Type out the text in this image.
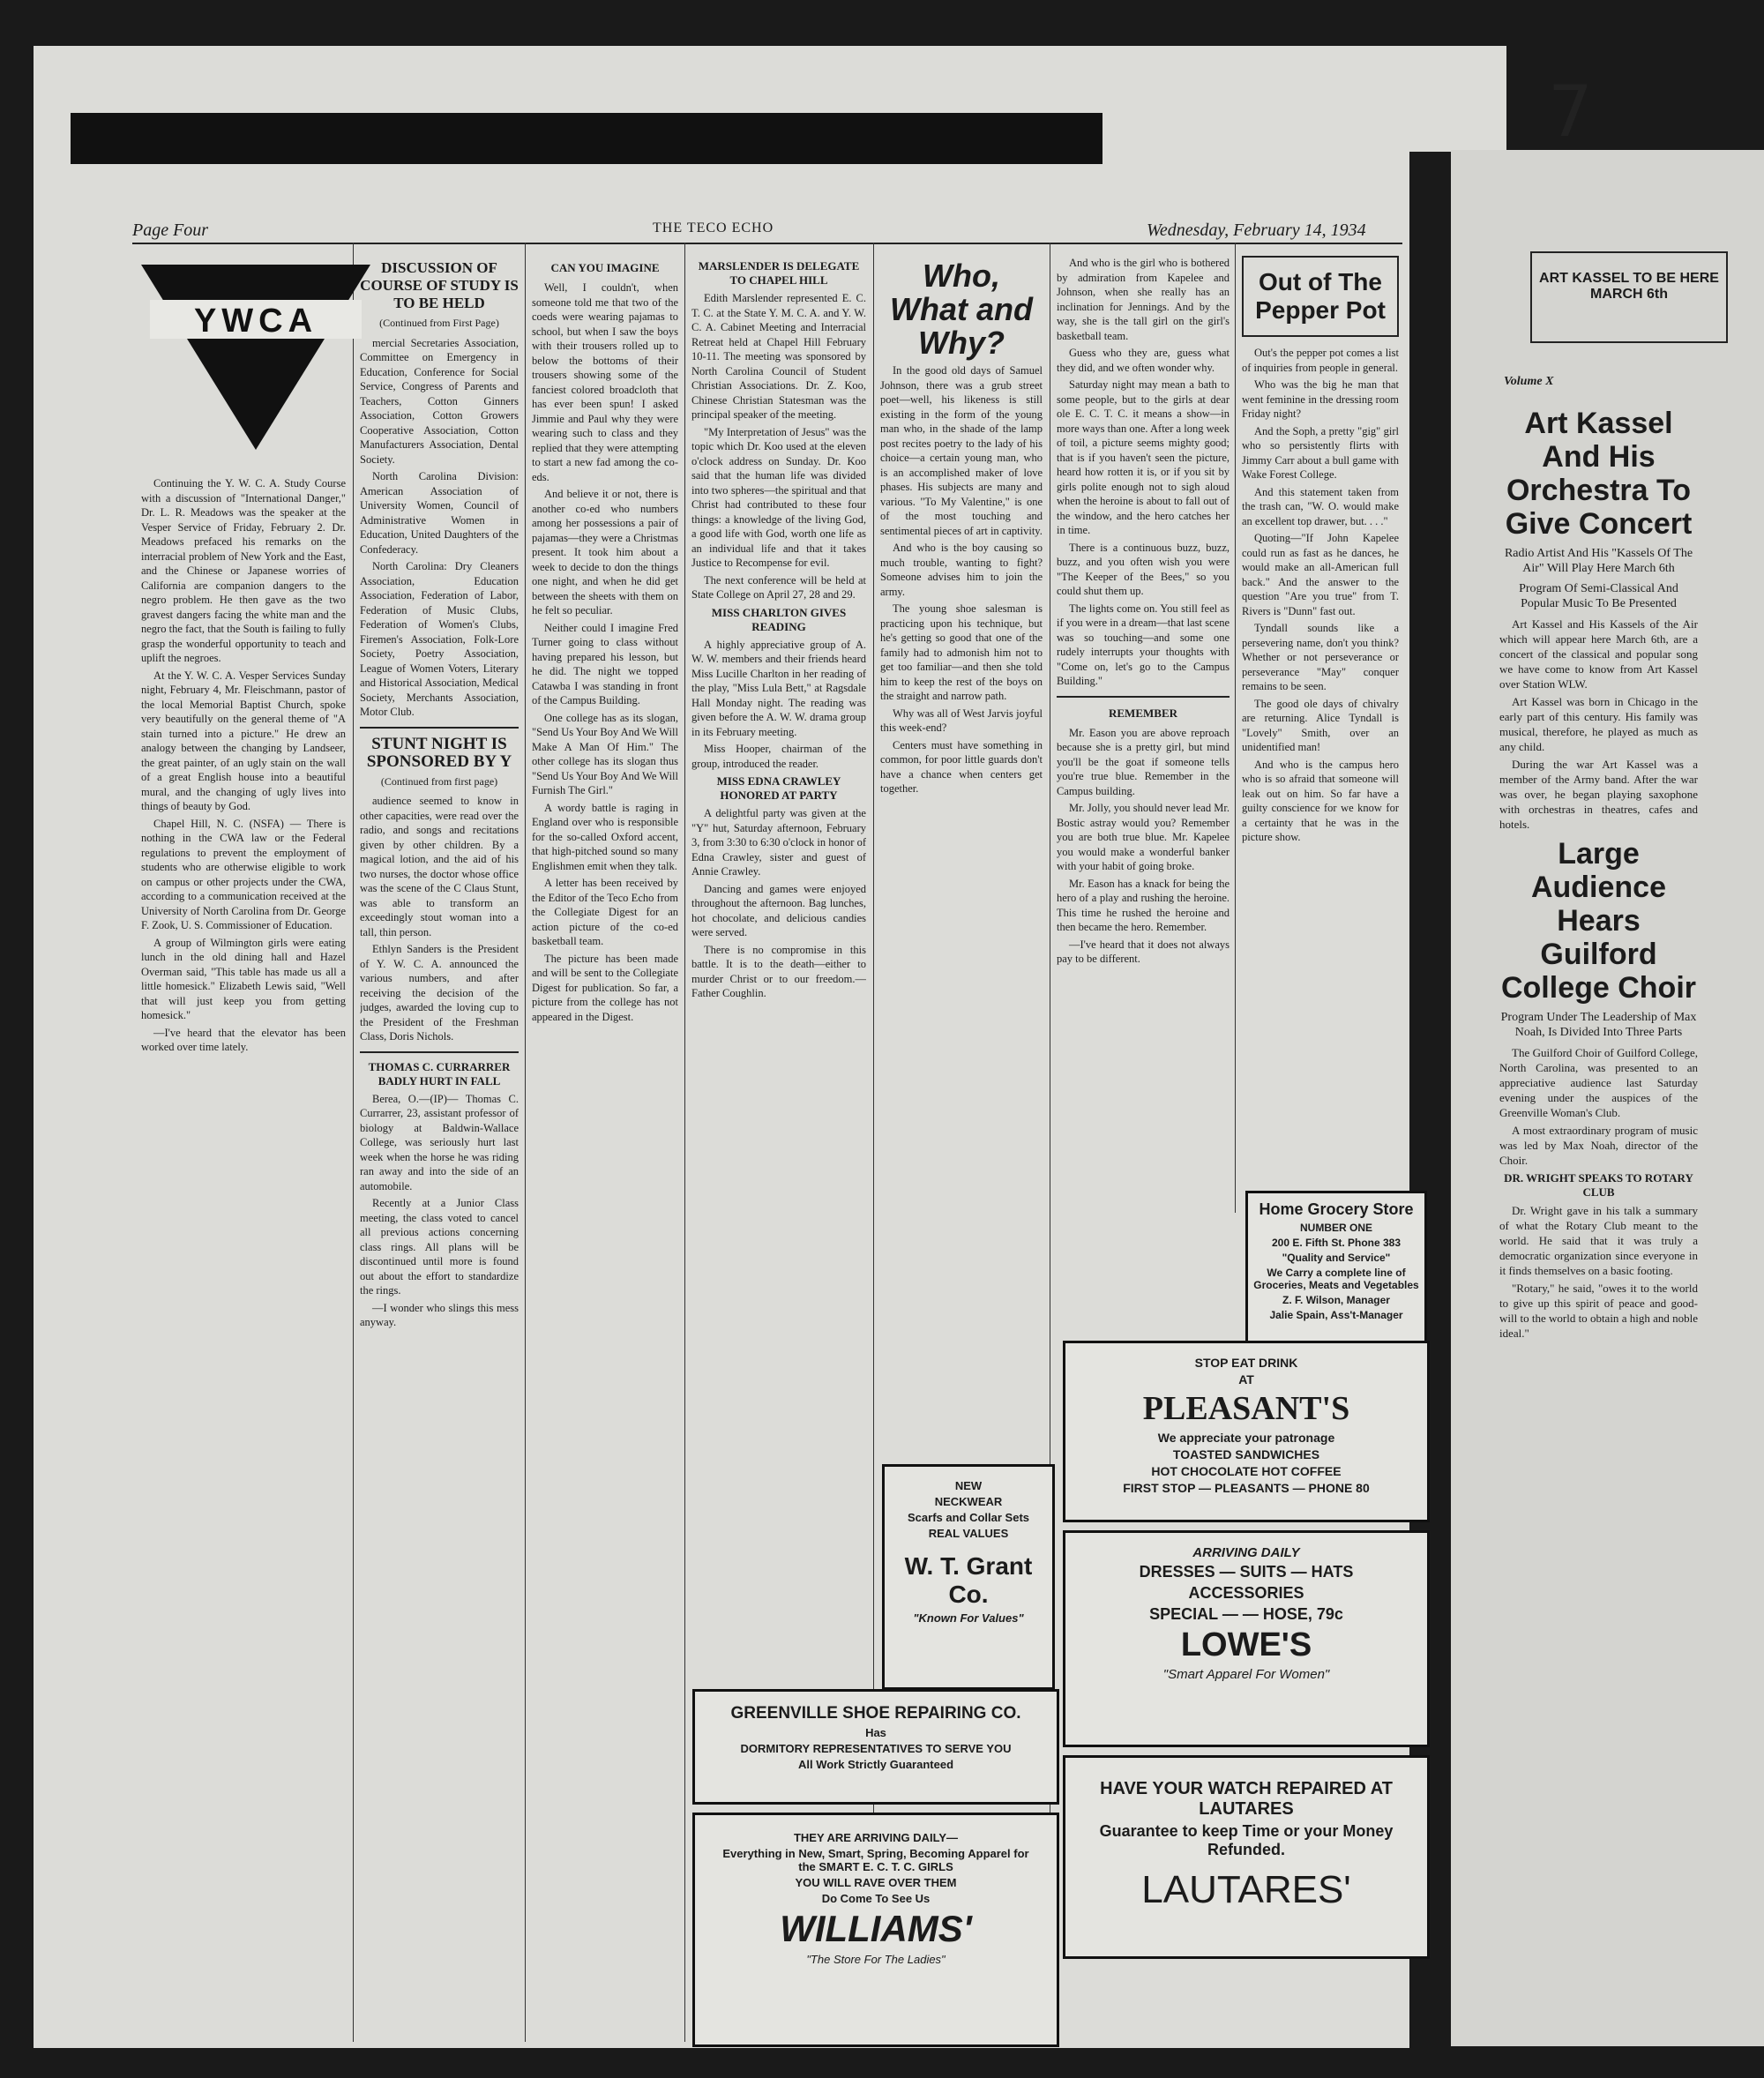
7
Page Four	THE TECO ECHO	Wednesday, February 14, 1934
YWCA

Continuing the Y. W. C. A. Study Course with a discussion of "International Danger," Dr. L. R. Meadows was the speaker at the Vesper Service of Friday, February 2. Dr. Meadows prefaced his remarks on the interracial problem of New York and the East, and the Chinese or Japanese worries of California are companion dangers to the negro problem. He then gave as the two gravest dangers facing the white man and the negro the fact, that the South is failing to fully grasp the wonderful opportunity to teach and uplift the negroes.

At the Y. W. C. A. Vesper Services Sunday night, February 4, Mr. Fleischmann, pastor of the local Memorial Baptist Church, spoke very beautifully on the general theme of "A stain turned into a picture." He drew an analogy between the changing by Landseer, the great painter, of an ugly stain on the wall of a great English house into a beautiful mural, and the changing of ugly lives into things of beauty by God.

Chapel Hill, N. C. (NSFA) — There is nothing in the CWA law or the Federal regulations to prevent the employment of students who are otherwise eligible to work on campus or other projects under the CWA, according to a communication received at the University of North Carolina from Dr. George F. Zook, U. S. Commissioner of Education.

A group of Wilmington girls were eating lunch in the old dining hall and Hazel Overman said, "This table has made us all a little homesick." Elizabeth Lewis said, "Well that will just keep you from getting homesick."

—I've heard that the elevator has been worked over time lately.

DISCUSSION OF COURSE OF STUDY IS TO BE HELD
(Continued from First Page)

mercial Secretaries Association, Committee on Emergency in Education, Conference for Social Service, Congress of Parents and Teachers, Cotton Ginners Association, Cotton Growers Cooperative Association, Cotton Manufacturers Association, Dental Society.

North Carolina Division: American Association of University Women, Council of Administrative Women in Education, United Daughters of the Confederacy.

North Carolina: Dry Cleaners Association, Education Association, Federation of Labor, Federation of Music Clubs, Federation of Women's Clubs, Firemen's Association, Folk-Lore Society, Poetry Association, League of Women Voters, Literary and Historical Association, Medical Society, Merchants Association, Motor Club.

STUNT NIGHT IS SPONSORED BY Y
(Continued from first page)

audience seemed to know in other capacities, were read over the radio, and songs and recitations given by other children. By a magical lotion, and the aid of his two nurses, the doctor whose office was the scene of the C Claus Stunt, was able to transform an exceedingly stout woman into a tall, thin person.

Ethlyn Sanders is the President of Y. W. C. A. announced the various numbers, and after receiving the decision of the judges, awarded the loving cup to the President of the Freshman Class, Doris Nichols.

THOMAS C. CURRARRER BADLY HURT IN FALL

Berea, O.—(IP)— Thomas C. Currarrer, 23, assistant professor of biology at Baldwin-Wallace College, was seriously hurt last week when the horse he was riding ran away and into the side of an automobile.

Recently at a Junior Class meeting, the class voted to cancel all previous actions concerning class rings. All plans will be discontinued until more is found out about the effort to standardize the rings.

—I wonder who slings this mess anyway.

CAN YOU IMAGINE

Well, I couldn't, when someone told me that two of the coeds were wearing pajamas to school, but when I saw the boys with their trousers rolled up to below the bottoms of their trousers showing some of the fanciest colored broadcloth that has ever been spun! I asked Jimmie and Paul why they were wearing such to class and they replied that they were attempting to start a new fad among the co-eds.

And believe it or not, there is another co-ed who numbers among her possessions a pair of pajamas—they were a Christmas present. It took him about a week to decide to don the things one night, and when he did get between the sheets with them on he felt so peculiar.

Neither could I imagine Fred Turner going to class without having prepared his lesson, but he did. The night we topped Catawba I was standing in front of the Campus Building.

One college has as its slogan, "Send Us Your Boy And We Will Make A Man Of Him." The other college has its slogan thus "Send Us Your Boy And We Will Furnish The Girl."

A wordy battle is raging in England over who is responsible for the so-called Oxford accent, that high-pitched sound so many Englishmen emit when they talk.

A letter has been received by the Editor of the Teco Echo from the Collegiate Digest for an action picture of the co-ed basketball team.

The picture has been made and will be sent to the Collegiate Digest for publication. So far, a picture from the college has not appeared in the Digest.

MARSLENDER IS DELEGATE TO CHAPEL HILL

Edith Marslender represented E. C. T. C. at the State Y. M. C. A. and Y. W. C. A. Cabinet Meeting and Interracial Retreat held at Chapel Hill February 10-11. The meeting was sponsored by North Carolina Council of Student Christian Associations. Dr. Z. Koo, Chinese Christian Statesman was the principal speaker of the meeting.

"My Interpretation of Jesus" was the topic which Dr. Koo used at the eleven o'clock address on Sunday. Dr. Koo said that the human life was divided into two spheres—the spiritual and that Christ had contributed to these four things: a knowledge of the living God, a good life with God, worth one life as an individual life and that it takes Justice to Recompense for evil.

The next conference will be held at State College on April 27, 28 and 29.

MISS CHARLTON GIVES READING

A highly appreciative group of A. W. W. members and their friends heard Miss Lucille Charlton in her reading of the play, "Miss Lula Bett," at Ragsdale Hall Monday night. The reading was given before the A. W. W. drama group in its February meeting.

Miss Hooper, chairman of the group, introduced the reader.

MISS EDNA CRAWLEY HONORED AT PARTY

A delightful party was given at the "Y" hut, Saturday afternoon, February 3, from 3:30 to 6:30 o'clock in honor of Edna Crawley, sister and guest of Annie Crawley.

Dancing and games were enjoyed throughout the afternoon. Bag lunches, hot chocolate, and delicious candies were served.

There is no compromise in this battle. It is to the death—either to murder Christ or to our freedom.—Father Coughlin.

Who, What and Why?

In the good old days of Samuel Johnson, there was a grub street poet—well, his likeness is still existing in the form of the young man who, in the shade of the lamp post recites poetry to the lady of his choice—a certain young man, who is an accomplished maker of love phases. His subjects are many and various. "To My Valentine," is one of the most touching and sentimental pieces of art in captivity.

And who is the boy causing so much trouble, wanting to fight? Someone advises him to join the army.

The young shoe salesman is practicing upon his technique, but he's getting so good that one of the family had to admonish him not to get too familiar—and then she told him to keep the rest of the boys on the straight and narrow path.

Why was all of West Jarvis joyful this week-end?

Centers must have something in common, for poor little guards don't have a chance when centers get together.

And who is the girl who is bothered by admiration from Kapelee and Johnson, when she really has an inclination for Jennings. And by the way, she is the tall girl on the girl's basketball team.

Guess who they are, guess what they did, and we often wonder why.

Saturday night may mean a bath to some people, but to the girls at dear ole E. C. T. C. it means a show—in more ways than one. After a long week of toil, a picture seems mighty good; that is if you haven't seen the picture, heard how rotten it is, or if you sit by girls polite enough not to sigh aloud when the heroine is about to fall out of the window, and the hero catches her in time.

There is a continuous buzz, buzz, buzz, and you often wish you were "The Keeper of the Bees," so you could shut them up.

The lights come on. You still feel as if you were in a dream—that last scene was so touching—and some one rudely interrupts your thoughts with "Come on, let's go to the Campus Building."

REMEMBER

Mr. Eason you are above reproach because she is a pretty girl, but mind you'll be the goat if someone tells you're true blue. Remember in the Campus building.

Mr. Jolly, you should never lead Mr. Bostic astray would you? Remember you are both true blue. Mr. Kapelee you would make a wonderful banker with your habit of going broke.

Mr. Eason has a knack for being the hero of a play and rushing the heroine. This time he rushed the heroine and then became the hero. Remember.

—I've heard that it does not always pay to be different.

Out of The Pepper Pot

Out's the pepper pot comes a list of inquiries from people in general.

Who was the big he man that went feminine in the dressing room Friday night?

And the Soph, a pretty "gig" girl who so persistently flirts with Jimmy Carr about a bull game with Wake Forest College.

And this statement taken from the trash can, "W. O. would make an excellent top drawer, but. . . ."

Quoting—"If John Kapelee could run as fast as he dances, he would make an all-American full back." And the answer to the question "Are you true" from T. Rivers is "Dunn" fast out.

Tyndall sounds like a persevering name, don't you think? Whether or not perseverance or perseverance "May" conquer remains to be seen.

The good ole days of chivalry are returning. Alice Tyndall is "Lovely" Smith, over an unidentified man!

And who is the campus hero who is so afraid that someone will leak out on him. So far have a guilty conscience for we know for a certainty that he was in the picture show.

Home Grocery Store
NUMBER ONE
200 E. Fifth St. Phone 383
"Quality and Service"
We Carry a complete line of Groceries, Meats and Vegetables
Z. F. Wilson, Manager
Jalie Spain, Ass't-Manager
NEW
NECKWEAR
Scarfs and Collar Sets
REAL VALUES
W. T. Grant Co.
"Known For Values"
STOP EAT DRINK
AT
PLEASANT'S
We appreciate your patronage
TOASTED SANDWICHES
HOT CHOCOLATE HOT COFFEE
FIRST STOP — PLEASANTS — PHONE 80
ARRIVING DAILY
DRESSES — SUITS — HATS
ACCESSORIES
SPECIAL — — HOSE, 79c
LOWE'S
"Smart Apparel For Women"
GREENVILLE SHOE REPAIRING CO.
Has
DORMITORY REPRESENTATIVES TO SERVE YOU
All Work Strictly Guaranteed
THEY ARE ARRIVING DAILY—
Everything in New, Smart, Spring, Becoming Apparel for the SMART E. C. T. C. GIRLS
YOU WILL RAVE OVER THEM
Do Come To See Us
WILLIAMS'
"The Store For The Ladies"
HAVE YOUR WATCH REPAIRED AT LAUTARES
Guarantee to keep Time or your Money Refunded.
LAUTARES'
ART KASSEL TO BE HERE MARCH 6th
Volume X
Art Kassel And His Orchestra To Give Concert
Radio Artist And His "Kassels Of The Air" Will Play Here March 6th
Program Of Semi-Classical And Popular Music To Be Presented

Art Kassel and His Kassels of the Air which will appear here March 6th, are a concert of the classical and popular song we have come to know from Art Kassel over Station WLW.

Art Kassel was born in Chicago in the early part of this century. His family was musical, therefore, he played as much as any child.

During the war Art Kassel was a member of the Army band. After the war was over, he began playing saxophone with orchestras in theatres, cafes and hotels.

Large Audience Hears Guilford College Choir
Program Under The Leadership of Max Noah, Is Divided Into Three Parts

The Guilford Choir of Guilford College, North Carolina, was presented to an appreciative audience last Saturday evening under the auspices of the Greenville Woman's Club.

A most extraordinary program of music was led by Max Noah, director of the Choir.

DR. WRIGHT SPEAKS TO ROTARY CLUB

Dr. Wright gave in his talk a summary of what the Rotary Club meant to the world. He said that it was truly a democratic organization since everyone in it finds themselves on a basic footing.

"Rotary," he said, "owes it to the world to give up this spirit of peace and good-will to the world to obtain a high and noble ideal."
